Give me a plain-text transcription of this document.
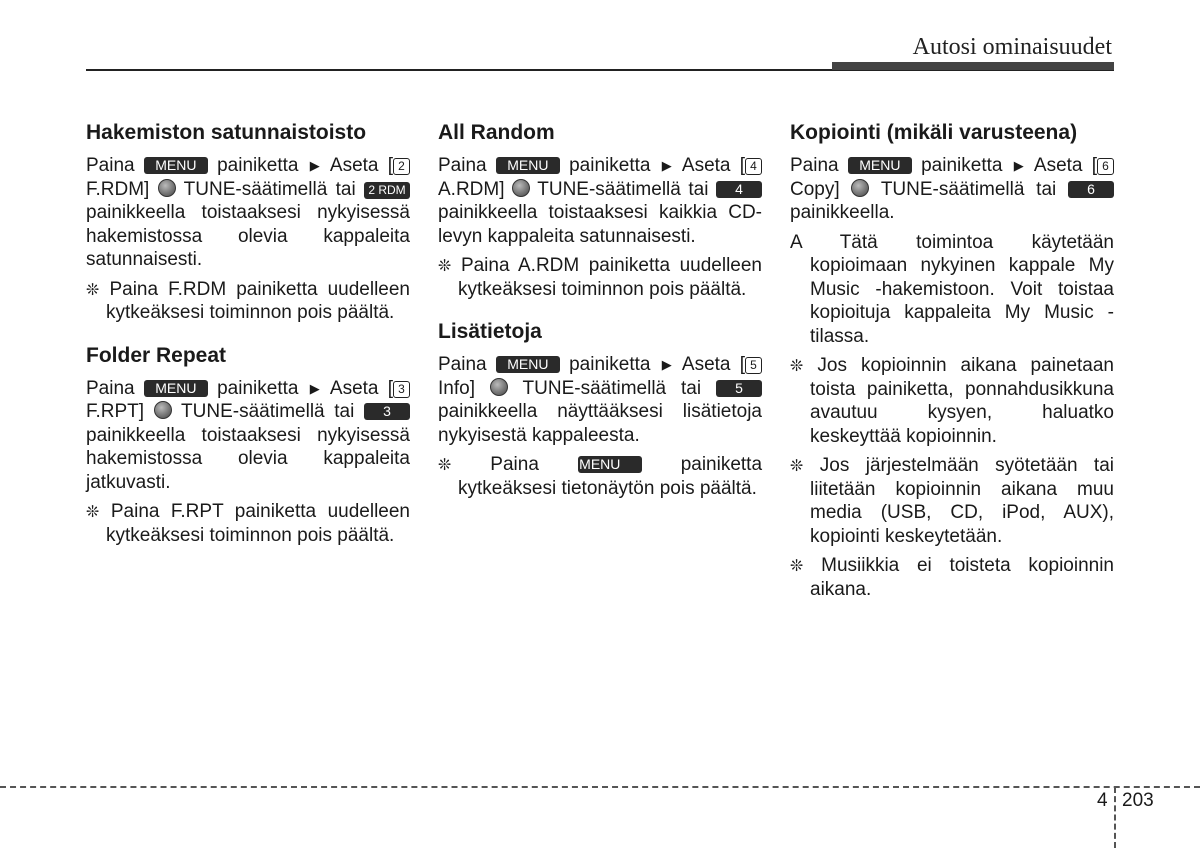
Autosi ominaisuudet
Hakemiston satunnaistoisto

Paina MENU painiketta ▶ Aseta [ 2 F.RDM] TUNE-säätimellä tai 2 RDM painikkeella toistaaksesi nykyisessä hakemistossa olevia kappaleita satunnaisesti.

❊ Paina F.RDM painiketta uudelleen kytkeäksesi toiminnon pois päältä.

Folder Repeat

Paina MENU painiketta ▶ Aseta [ 3 F.RPT] TUNE-säätimellä tai 3 painikkeella toistaaksesi nykyisessä hakemistossa olevia kappaleita jatkuvasti.

❊ Paina F.RPT painiketta uudelleen kytkeäksesi toiminnon pois päältä.

All Random

Paina MENU painiketta ▶ Aseta [ 4 A.RDM] TUNE-säätimellä tai 4 painikkeella toistaaksesi kaikkia CD-levyn kappaleita satunnaisesti.

❊ Paina A.RDM painiketta uudelleen kytkeäksesi toiminnon pois päältä.

Lisätietoja

Paina MENU painiketta ▶ Aseta [ 5 Info]	TUNE-säätimellä tai 5 painikkeella näyttääksesi lisätietoja nykyisestä kappaleesta.

❊ Paina	MENU	painiketta kytkeäksesi tietonäytön pois päältä.

Kopiointi (mikäli varusteena)

Paina MENU painiketta ▶ Aseta [ 6 Copy] TUNE-säätimellä tai 6 painikkeella.

A Tätä toimintoa käytetään kopioimaan nykyinen kappale My Music -hakemistoon. Voit toistaa kopioituja kappaleita My Music -tilassa.

❊ Jos kopioinnin aikana painetaan toista painiketta, ponnahdusikkuna avautuu kysyen, haluatko keskeyttää kopioinnin.

❊ Jos järjestelmään syötetään tai liitetään kopioinnin aikana muu media (USB, CD, iPod, AUX), kopiointi keskeytetään.

❊ Musiikkia ei toisteta kopioinnin aikana.

4 203
